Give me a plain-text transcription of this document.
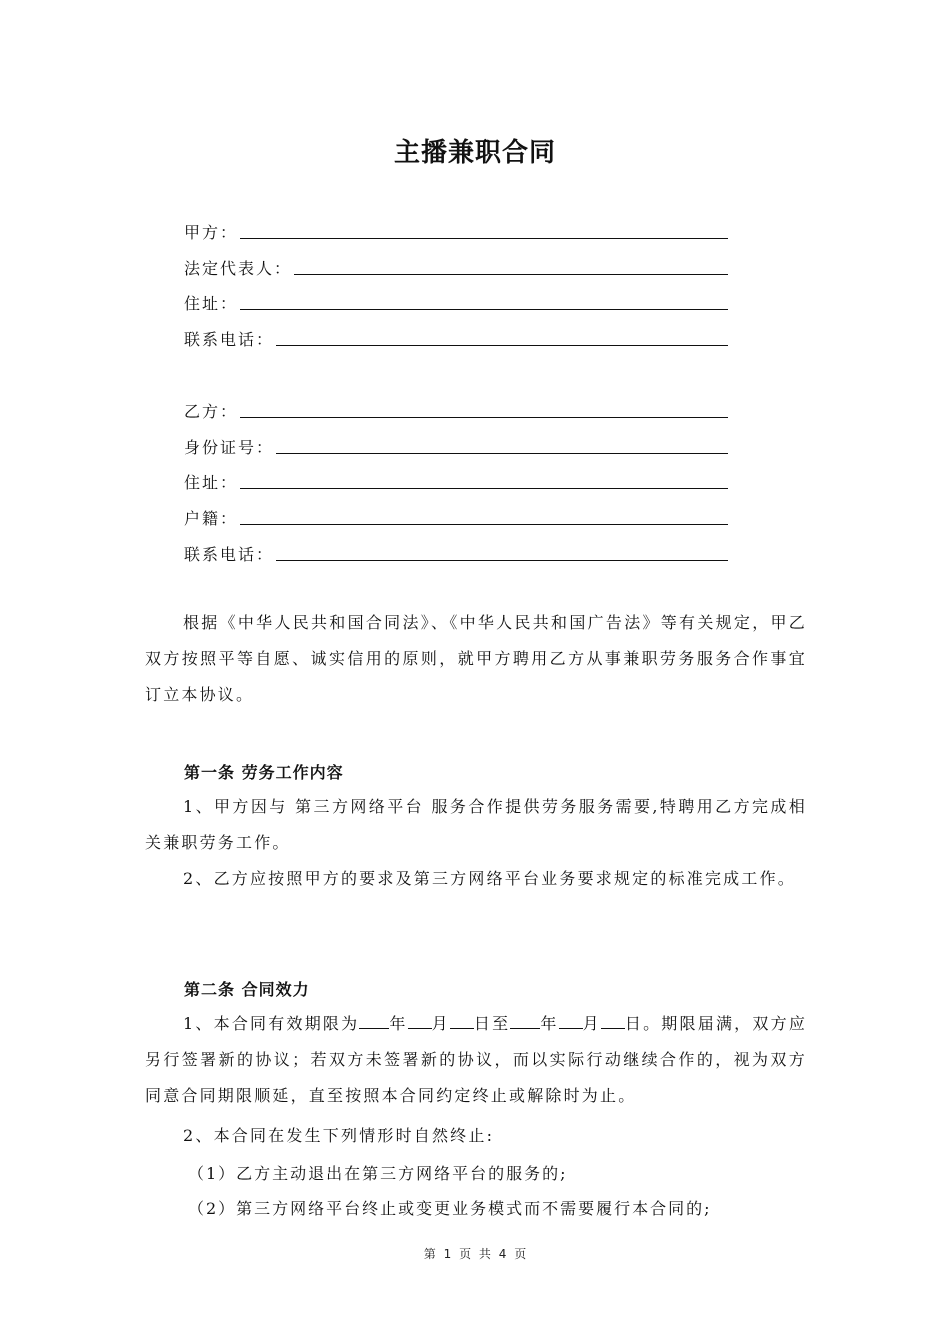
主播兼职合同
甲方：
法定代表人：
住址：
联系电话：
乙方：
身份证号：
住址：
户籍：
联系电话：
根据《中华人民共和国合同法》、《中华人民共和国广告法》等有关规定，甲乙双方按照平等自愿、诚实信用的原则，就甲方聘用乙方从事兼职劳务服务合作事宜订立本协议。
第一条 劳务工作内容
1、甲方因与 第三方网络平台 服务合作提供劳务服务需要,特聘用乙方完成相关兼职劳务工作。
2、乙方应按照甲方的要求及第三方网络平台业务要求规定的标准完成工作。
第二条 合同效力
1、本合同有效期限为 年 月 日至 年 月 日。期限届满，双方应另行签署新的协议；若双方未签署新的协议，而以实际行动继续合作的，视为双方同意合同期限顺延，直至按照本合同约定终止或解除时为止。
2、本合同在发生下列情形时自然终止:
（1）乙方主动退出在第三方网络平台的服务的;
（2）第三方网络平台终止或变更业务模式而不需要履行本合同的;
第 1 页 共 4 页
